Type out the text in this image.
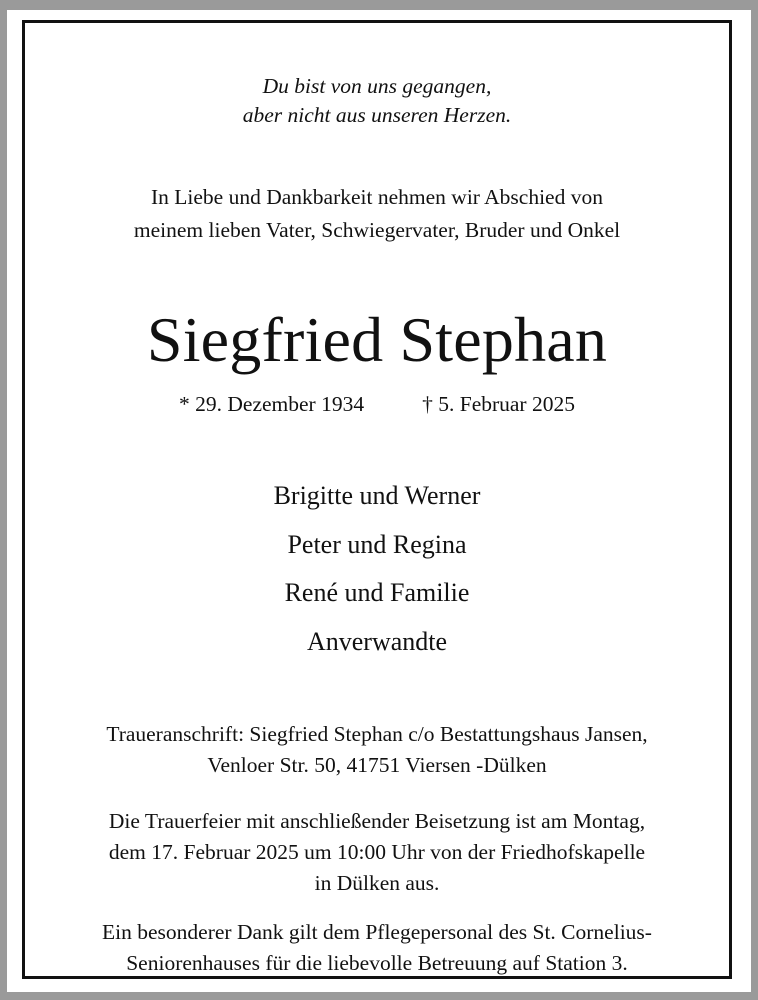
Du bist von uns gegangen,
aber nicht aus unseren Herzen.
In Liebe und Dankbarkeit nehmen wir Abschied von
meinem lieben Vater, Schwiegervater, Bruder und Onkel
Siegfried Stephan
* 29. Dezember 1934	† 5. Februar 2025
Brigitte und Werner
Peter und Regina
René und Familie
Anverwandte
Traueranschrift: Siegfried Stephan c/o Bestattungshaus Jansen,
Venloer Str. 50, 41751 Viersen -Dülken
Die Trauerfeier mit anschließender Beisetzung ist am Montag,
dem 17. Februar 2025 um 10:00 Uhr von der Friedhofskapelle
in Dülken aus.
Ein besonderer Dank gilt dem Pflegepersonal des St. Cornelius-
Seniorenhauses für die liebevolle Betreuung auf Station 3.
